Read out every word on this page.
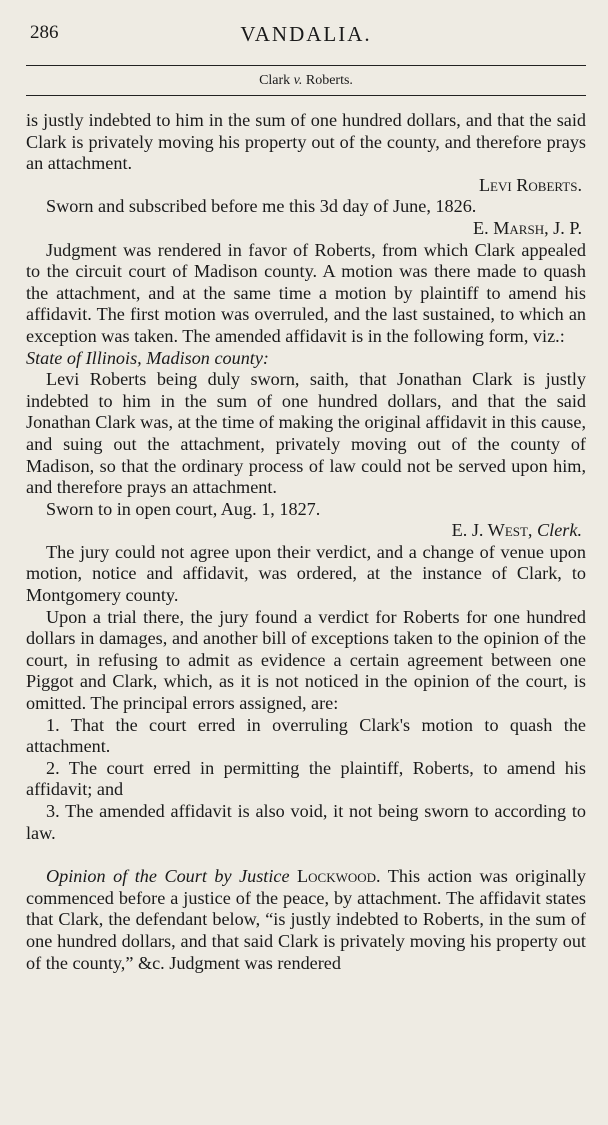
286	VANDALIA.
Clark v. Roberts.

is justly indebted to him in the sum of one hundred dollars, and that the said Clark is privately moving his property out of the county, and therefore prays an attachment.

Levi Roberts.

Sworn and subscribed before me this 3d day of June, 1826.

E. Marsh, J. P.

Judgment was rendered in favor of Roberts, from which Clark appealed to the circuit court of Madison county. A motion was there made to quash the attachment, and at the same time a motion by plaintiff to amend his affidavit. The first motion was overruled, and the last sustained, to which an exception was taken. The amended affidavit is in the following form, viz.:

State of Illinois, Madison county:

Levi Roberts being duly sworn, saith, that Jonathan Clark is justly indebted to him in the sum of one hundred dollars, and that the said Jonathan Clark was, at the time of making the original affidavit in this cause, and suing out the attachment, privately moving out of the county of Madison, so that the ordinary process of law could not be served upon him, and therefore prays an attachment.

Sworn to in open court, Aug. 1, 1827.

E. J. West, Clerk.

The jury could not agree upon their verdict, and a change of venue upon motion, notice and affidavit, was ordered, at the instance of Clark, to Montgomery county.

Upon a trial there, the jury found a verdict for Roberts for one hundred dollars in damages, and another bill of exceptions taken to the opinion of the court, in refusing to admit as evidence a certain agreement between one Piggot and Clark, which, as it is not noticed in the opinion of the court, is omitted. The principal errors assigned, are:

1. That the court erred in overruling Clark's motion to quash the attachment.

2. The court erred in permitting the plaintiff, Roberts, to amend his affidavit; and

3. The amended affidavit is also void, it not being sworn to according to law.

Opinion of the Court by Justice Lockwood. This action was originally commenced before a justice of the peace, by attachment. The affidavit states that Clark, the defendant below, “is justly indebted to Roberts, in the sum of one hundred dollars, and that said Clark is privately moving his property out of the county,” &c. Judgment was rendered
